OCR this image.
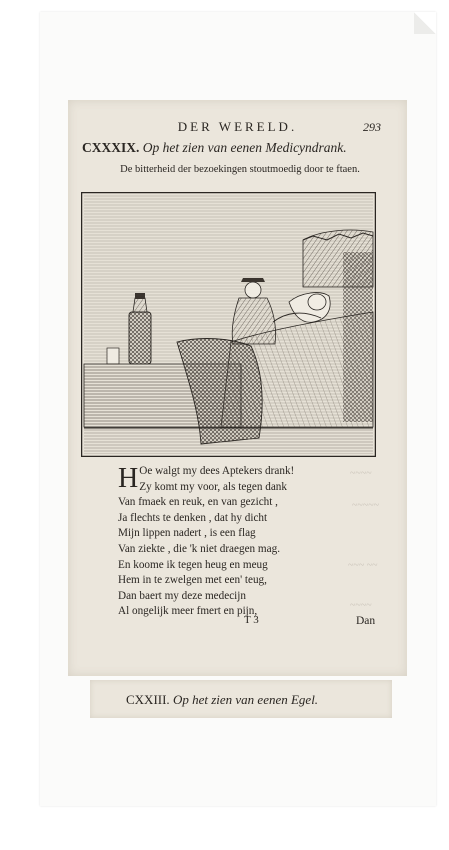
~~~~
~~~~~
~~~ ~~
~~~~
DER WERELD.	293
CXXXIX. Op het zien van eenen Medicyndrank.
De bitterheid der bezoekingen stoutmoedig door te ftaen.
H Oe walgt my dees Aptekers drank!
Zy komt my voor, als tegen dank
Van fmaek en reuk, en van gezicht ,
Ja flechts te denken , dat hy dicht
Mijn lippen nadert , is een flag
Van ziekte , die 'k niet draegen mag.
En koome ik tegen heug en meug
Hem in te zwelgen met een' teug,
Dan baert my deze medecijn
Al ongelijk meer fmert en pijn,
T 3	Dan
CXXIII. Op het zien van eenen Egel.
